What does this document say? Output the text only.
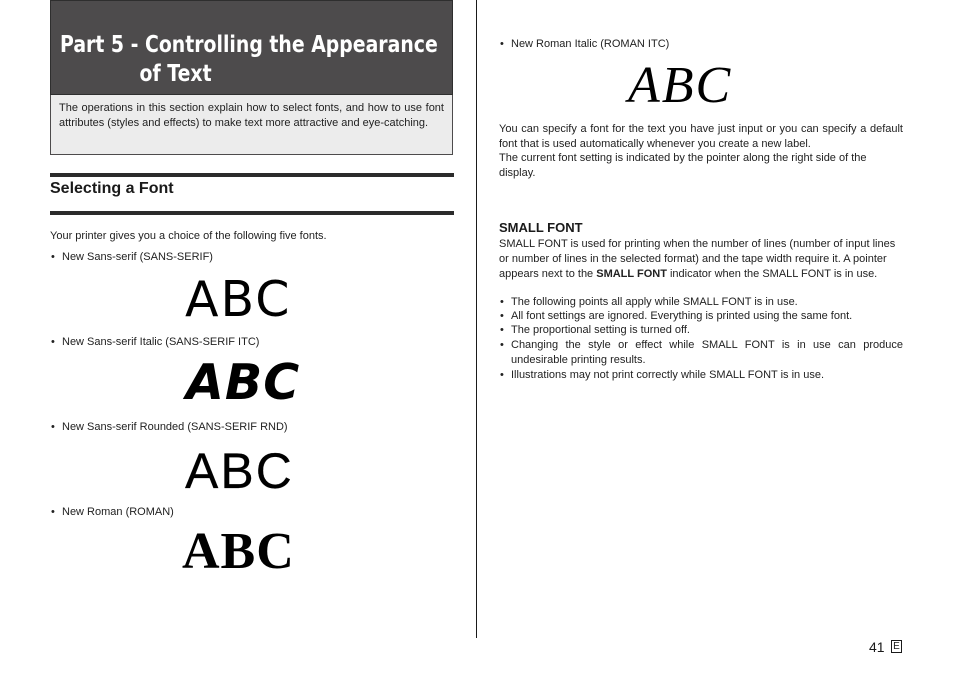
Part 5 - Controlling the Appearance
of Text
The operations in this section explain how to select fonts, and how to use font attributes (styles and effects) to make text more attractive and eye-catching.
Selecting a Font

Your printer gives you a choice of the following five fonts.

• New Sans-serif (SANS-SERIF)
ABC
• New Sans-serif Italic (SANS-SERIF ITC)
ABC
• New Sans-serif Rounded (SANS-SERIF RND)
ABC
• New Roman (ROMAN)
ABC
• New Roman Italic (ROMAN ITC)
ABC

You can specify a font for the text you have just input or you can specify a default font that is used automatically whenever you create a new label.

The current font setting is indicated by the pointer along the right side of the display.

SMALL FONT

SMALL FONT is used for printing when the number of lines (number of input lines or number of lines in the selected format) and the tape width require it. A pointer appears next to the SMALL FONT indicator when the SMALL FONT is in use.

• The following points all apply while SMALL FONT is in use.
• All font settings are ignored. Everything is printed using the same font.
• The proportional setting is turned off.
• Changing the style or effect while SMALL FONT is in use can produce undesirable printing results.
• Illustrations may not print correctly while SMALL FONT is in use.
41 E
